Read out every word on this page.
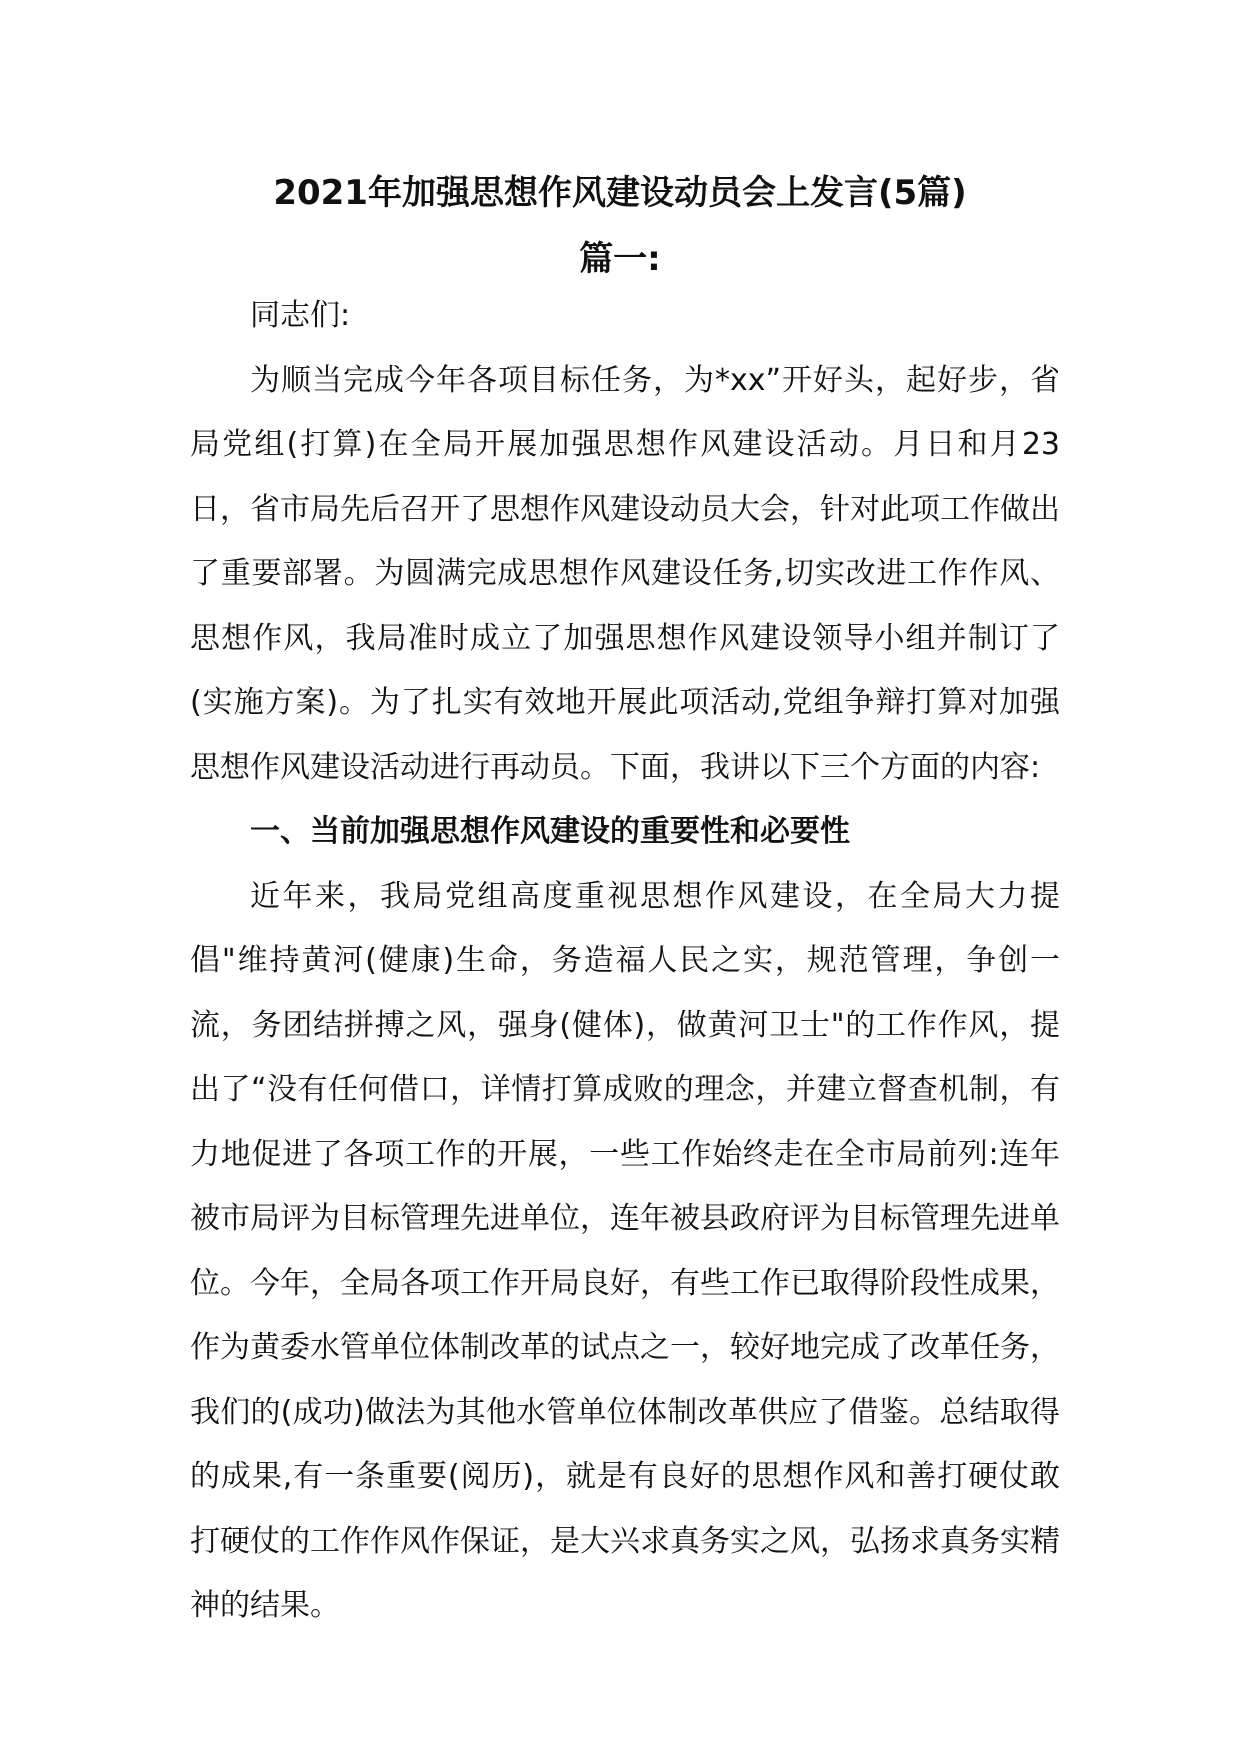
2021年加强思想作风建设动员会上发言(5篇)
篇一:

同志们:

为顺当完成今年各项目标任务，为*xx”开好头，起好步，省局党组(打算)在全局开展加强思想作风建设活动。月日和月23日，省市局先后召开了思想作风建设动员大会，针对此项工作做出了重要部署。为圆满完成思想作风建设任务,切实改进工作作风、思想作风，我局准时成立了加强思想作风建设领导小组并制订了(实施方案)。为了扎实有效地开展此项活动,党组争辩打算对加强思想作风建设活动进行再动员。下面，我讲以下三个方面的内容:

一、当前加强思想作风建设的重要性和必要性

近年来，我局党组高度重视思想作风建设，在全局大力提倡"维持黄河(健康)生命，务造福人民之实，规范管理，争创一流，务团结拼搏之风，强身(健体)，做黄河卫士"的工作作风，提出了“没有任何借口，详情打算成败的理念，并建立督查机制，有力地促进了各项工作的开展，一些工作始终走在全市局前列:连年被市局评为目标管理先进单位，连年被县政府评为目标管理先进单位。今年，全局各项工作开局良好，有些工作已取得阶段性成果，作为黄委水管单位体制改革的试点之一，较好地完成了改革任务，我们的(成功)做法为其他水管单位体制改革供应了借鉴。总结取得的成果,有一条重要(阅历)，就是有良好的思想作风和善打硬仗敢打硬仗的工作作风作保证，是大兴求真务实之风，弘扬求真务实精神的结果。
